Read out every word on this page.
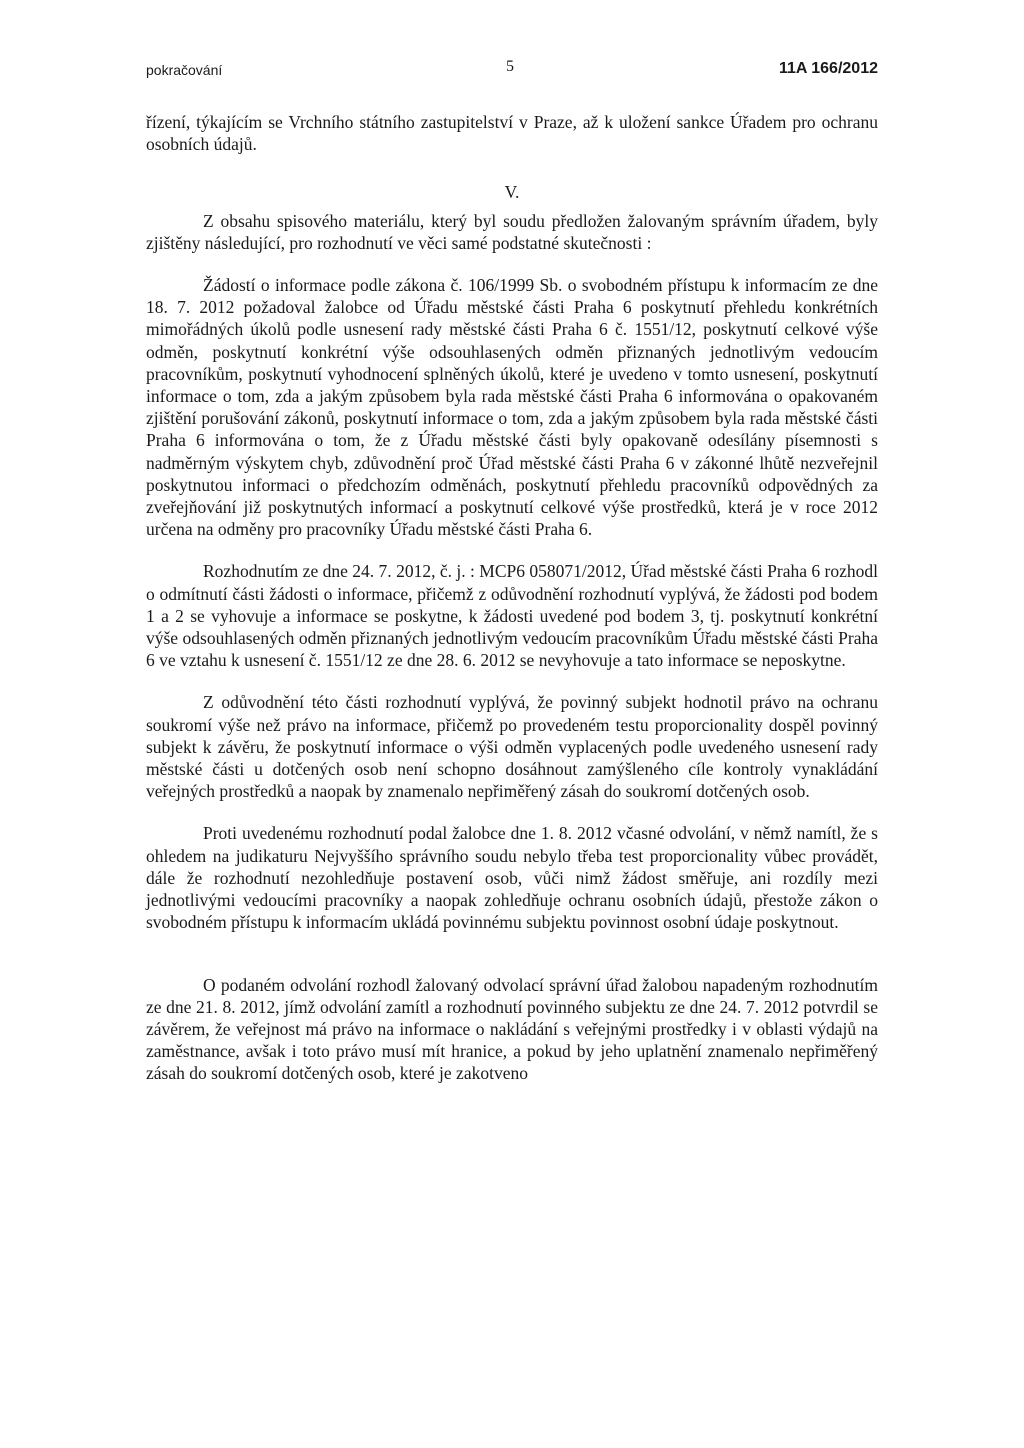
pokračování	5	11A 166/2012

řízení, týkajícím se Vrchního státního zastupitelství v Praze, až k uložení sankce Úřadem pro ochranu osobních údajů.

V.

Z obsahu spisového materiálu, který byl soudu předložen žalovaným správním úřadem, byly zjištěny následující, pro rozhodnutí ve věci samé podstatné skutečnosti :

Žádostí o informace podle zákona č. 106/1999 Sb. o svobodném přístupu k informacím ze dne 18. 7. 2012 požadoval žalobce od Úřadu městské části Praha 6 poskytnutí přehledu konkrétních mimořádných úkolů podle usnesení rady městské části Praha 6 č. 1551/12, poskytnutí celkové výše odměn, poskytnutí konkrétní výše odsouhlasených odměn přiznaných jednotlivým vedoucím pracovníkům, poskytnutí vyhodnocení splněných úkolů, které je uvedeno v tomto usnesení, poskytnutí informace o tom, zda a jakým způsobem byla rada městské části Praha 6 informována o opakovaném zjištění porušování zákonů, poskytnutí informace o tom, zda a jakým způsobem byla rada městské části Praha 6 informována o tom, že z Úřadu městské části byly opakovaně odesílány písemnosti s nadměrným výskytem chyb, zdůvodnění proč Úřad městské části Praha 6 v zákonné lhůtě nezveřejnil poskytnutou informaci o předchozím odměnách, poskytnutí přehledu pracovníků odpovědných za zveřejňování již poskytnutých informací a poskytnutí celkové výše prostředků, která je v roce 2012 určena na odměny pro pracovníky Úřadu městské části Praha 6.

Rozhodnutím ze dne 24. 7. 2012, č. j. : MCP6 058071/2012, Úřad městské části Praha 6 rozhodl o odmítnutí části žádosti o informace, přičemž z odůvodnění rozhodnutí vyplývá, že žádosti pod bodem 1 a 2 se vyhovuje a informace se poskytne, k žádosti uvedené pod bodem 3, tj. poskytnutí konkrétní výše odsouhlasených odměn přiznaných jednotlivým vedoucím pracovníkům Úřadu městské části Praha 6 ve vztahu k usnesení č. 1551/12 ze dne 28. 6. 2012 se nevyhovuje a tato informace se neposkytne.

Z odůvodnění této části rozhodnutí vyplývá, že povinný subjekt hodnotil právo na ochranu soukromí výše než právo na informace, přičemž po provedeném testu proporcionality dospěl povinný subjekt k závěru, že poskytnutí informace o výši odměn vyplacených podle uvedeného usnesení rady městské části u dotčených osob není schopno dosáhnout zamýšleného cíle kontroly vynakládání veřejných prostředků a naopak by znamenalo nepřiměřený zásah do soukromí dotčených osob.

Proti uvedenému rozhodnutí podal žalobce dne 1. 8. 2012 včasné odvolání, v němž namítl, že s ohledem na judikaturu Nejvyššího správního soudu nebylo třeba test proporcionality vůbec provádět, dále že rozhodnutí nezohledňuje postavení osob, vůči nimž žádost směřuje, ani rozdíly mezi jednotlivými vedoucími pracovníky a naopak zohledňuje ochranu osobních údajů, přestože zákon o svobodném přístupu k informacím ukládá povinnému subjektu povinnost osobní údaje poskytnout.

O podaném odvolání rozhodl žalovaný odvolací správní úřad žalobou napadeným rozhodnutím ze dne 21. 8. 2012, jímž odvolání zamítl a rozhodnutí povinného subjektu ze dne 24. 7. 2012 potvrdil se závěrem, že veřejnost má právo na informace o nakládání s veřejnými prostředky i v oblasti výdajů na zaměstnance, avšak i toto právo musí mít hranice, a pokud by jeho uplatnění znamenalo nepřiměřený zásah do soukromí dotčených osob, které je zakotveno
